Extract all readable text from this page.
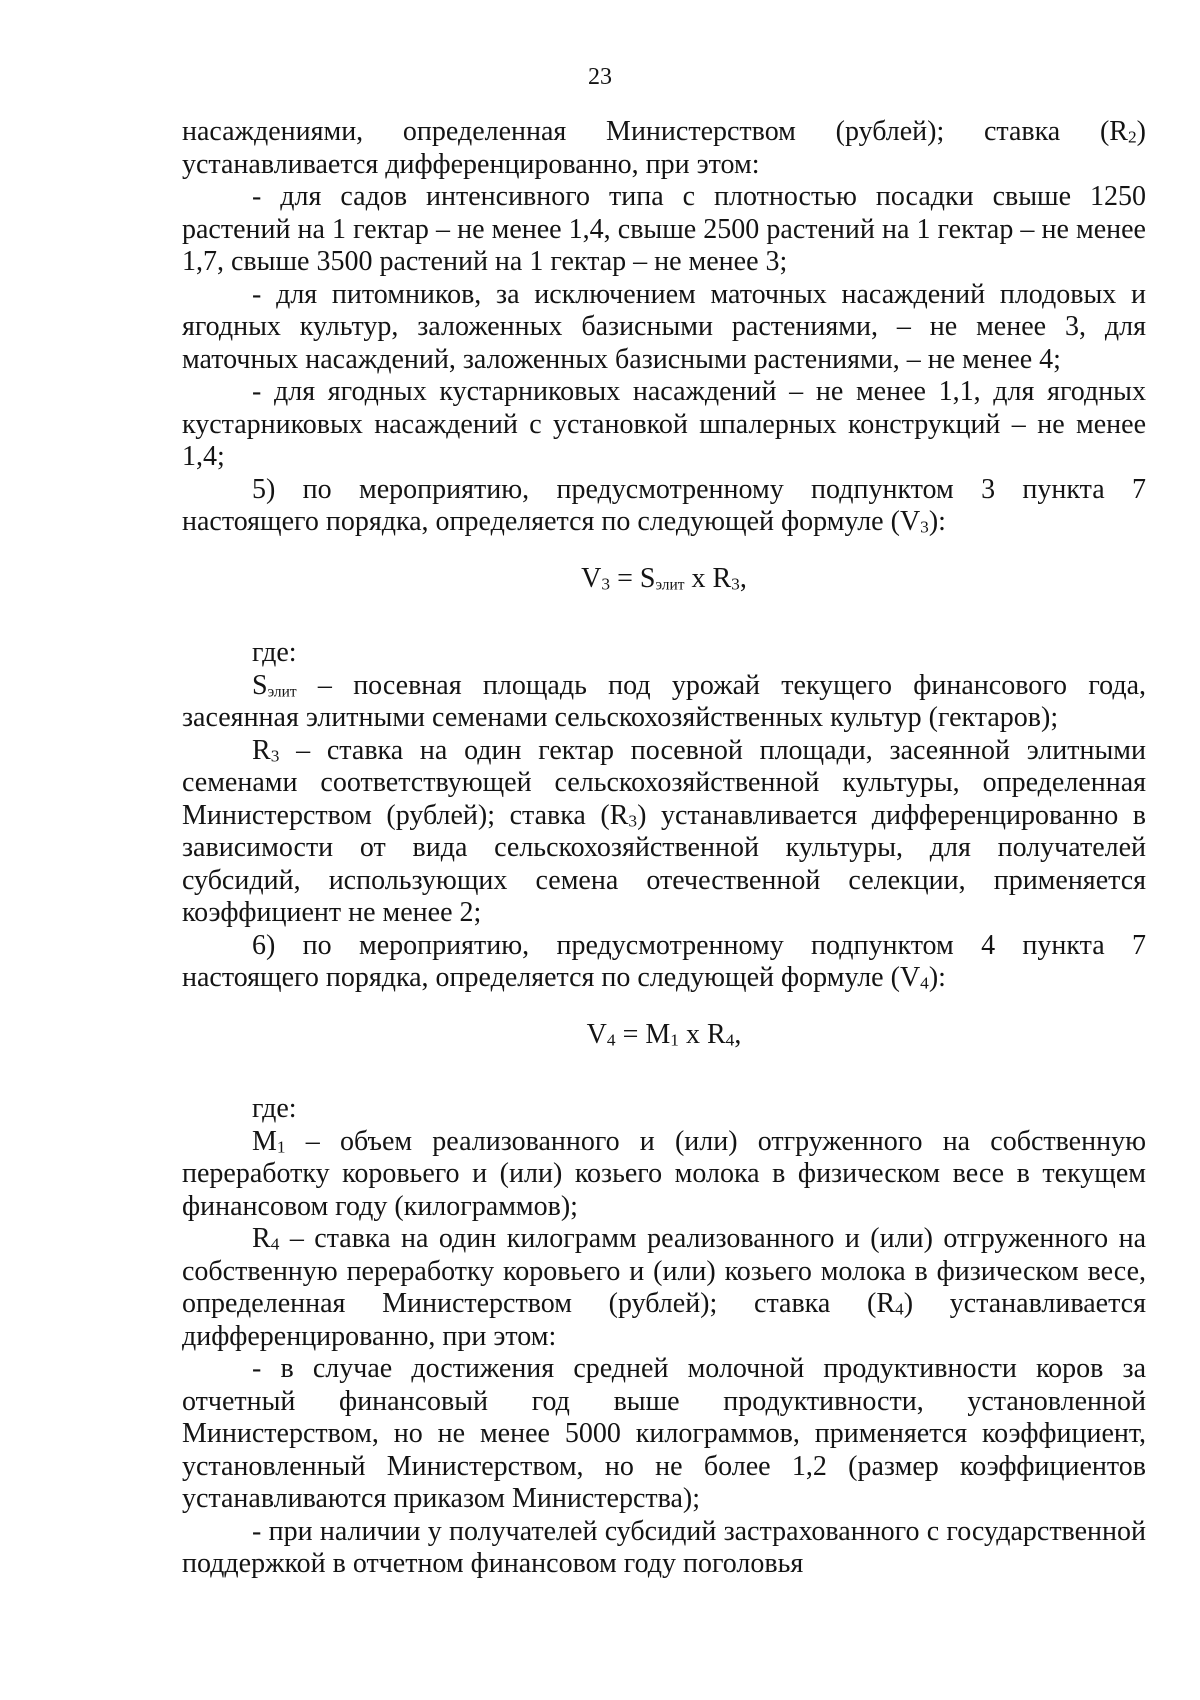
23

насаждениями, определенная Министерством (рублей); ставка $(R_2)$ устанавливается дифференцированно, при этом:

- для садов интенсивного типа с плотностью посадки свыше 1250 растений на 1 гектар – не менее 1,4, свыше 2500 растений на 1 гектар – не менее 1,7, свыше 3500 растений на 1 гектар – не менее 3;

- для питомников, за исключением маточных насаждений плодовых и ягодных культур, заложенных базисными растениями, – не менее 3, для маточных насаждений, заложенных базисными растениями, – не менее 4;

- для ягодных кустарниковых насаждений – не менее 1,1, для ягодных кустарниковых насаждений с установкой шпалерных конструкций – не менее 1,4;

5) по мероприятию, предусмотренному подпунктом 3 пункта 7 настоящего порядка, определяется по следующей формуле $(V_3)$:

$V_3 = S_{элит}$ x $R_3$,

где:

$S_{элит}$ – посевная площадь под урожай текущего финансового года, засеянная элитными семенами сельскохозяйственных культур (гектаров);

$R_3$ – ставка на один гектар посевной площади, засеянной элитными семенами соответствующей сельскохозяйственной культуры, определенная Министерством (рублей); ставка $(R_3)$ устанавливается дифференцированно в зависимости от вида сельскохозяйственной культуры, для получателей субсидий, использующих семена отечественной селекции, применяется коэффициент не менее 2;

6) по мероприятию, предусмотренному подпунктом 4 пункта 7 настоящего порядка, определяется по следующей формуле $(V_4)$:

$V_4 = M_1$ x $R_4$,

где:

$M_1$ – объем реализованного и (или) отгруженного на собственную переработку коровьего и (или) козьего молока в физическом весе в текущем финансовом году (килограммов);

$R_4$ – ставка на один килограмм реализованного и (или) отгруженного на собственную переработку коровьего и (или) козьего молока в физическом весе, определенная Министерством (рублей); ставка $(R_4)$ устанавливается дифференцированно, при этом:

- в случае достижения средней молочной продуктивности коров за отчетный финансовый год выше продуктивности, установленной Министерством, но не менее 5000 килограммов, применяется коэффициент, установленный Министерством, но не более 1,2 (размер коэффициентов устанавливаются приказом Министерства);

- при наличии у получателей субсидий застрахованного с государственной поддержкой в отчетном финансовом году поголовья
